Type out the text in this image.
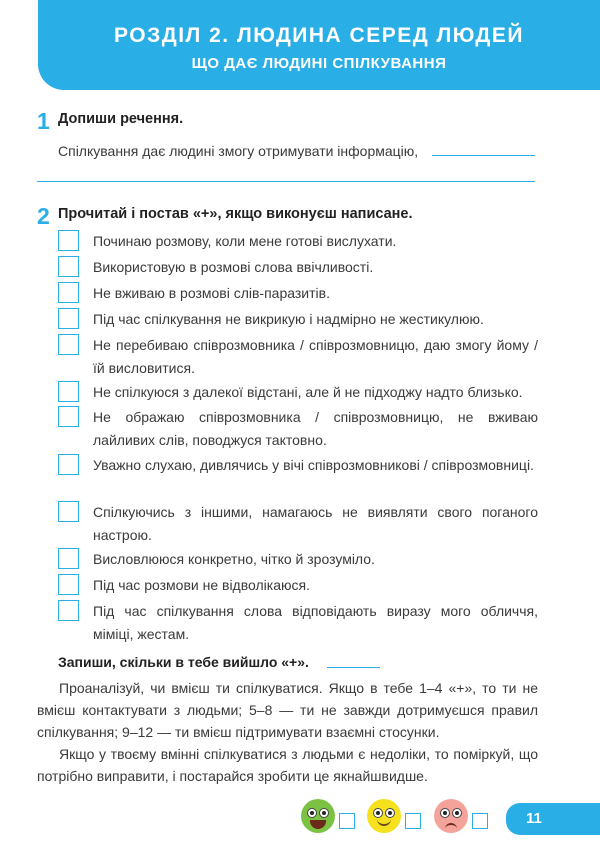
РОЗДІЛ 2. ЛЮДИНА СЕРЕД ЛЮДЕЙ
ЩО ДАЄ ЛЮДИНІ СПІЛКУВАННЯ
1 Допиши речення.
Спілкування дає людині змогу отримувати інформацію,
2 Прочитай і постав «+», якщо виконуєш написане.
Починаю розмову, коли мене готові вислухати.
Використовую в розмові слова ввічливості.
Не вживаю в розмові слів-паразитів.
Під час спілкування не викрикую і надмірно не жестикулюю.
Не перебиваю співрозмовника / співрозмовницю, даю змогу йому / їй висловитися.
Не спілкуюся з далекої відстані, але й не підходжу надто близько.
Не ображаю співрозмовника / співрозмовницю, не вживаю лайливих слів, поводжуся тактовно.
Уважно слухаю, дивлячись у вічі співрозмовникові / співрозмовниці.
Спілкуючись з іншими, намагаюсь не виявляти свого поганого настрою.
Висловлююся конкретно, чітко й зрозуміло.
Під час розмови не відволікаюся.
Під час спілкування слова відповідають виразу мого обличчя, міміці, жестам.
Запиши, скільки в тебе вийшло «+».
Проаналізуй, чи вмієш ти спілкуватися. Якщо в тебе 1–4 «+», то ти не вмієш контактувати з людьми; 5–8 — ти не завжди дотримуєшся правил спілкування; 9–12 — ти вмієш підтримувати взаємні стосунки.
Якщо у твоєму вмінні спілкуватися з людьми є недоліки, то поміркуй, що потрібно виправити, і постарайся зробити це якнайшвидше.
11
